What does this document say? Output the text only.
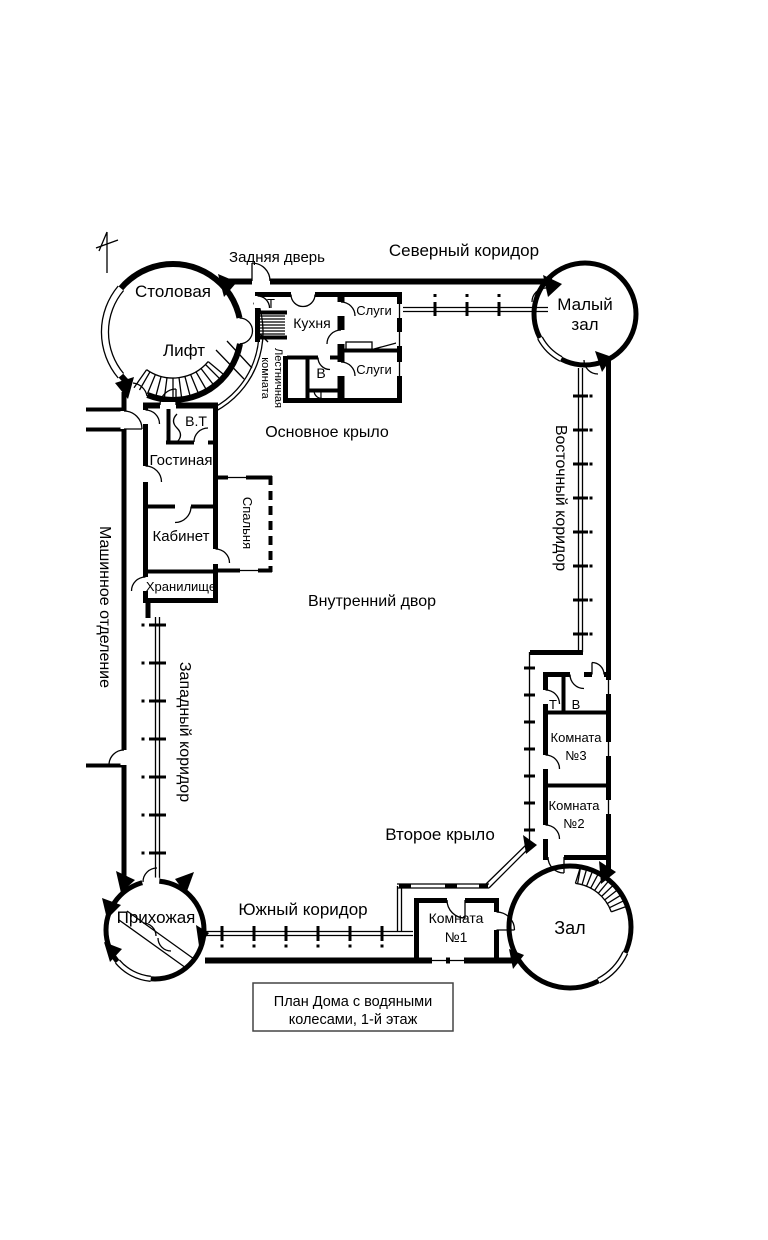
План Дома с водяными
колесами, 1-й этаж
Задняя дверь	Северный коридор
Столовая
Лифт
Малый
зал
Т
Кухня
Слуги
Слуги
В
Т
Лестничная
комната
Основное крыло
В.Т
Гостиная
Кабинет Спальня
Хранилище
Внутренний двор
Восточный коридор
Машинное отделение
Западный коридор	Т В
Комната
№3
Комната
№2
Второе крыло
Зал
Комната
№1
Южный коридор
Прихожая
